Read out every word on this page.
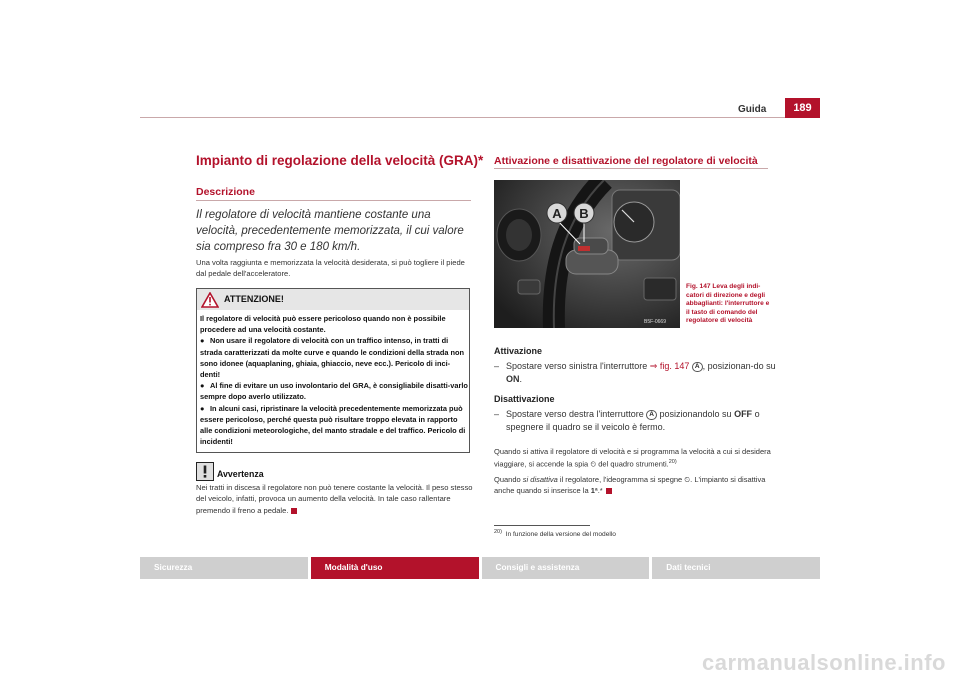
Guida	189
Impianto di regolazione della velocità (GRA)*
Descrizione
Il regolatore di velocità mantiene costante una velocità, precedentemente memorizzata, il cui valore sia compreso fra 30 e 180 km/h.
Una volta raggiunta e memorizzata la velocità desiderata, si può togliere il piede dal pedale dell'acceleratore.
ATTENZIONE!

Il regolatore di velocità può essere pericoloso quando non è possibile procedere ad una velocità costante.

● Non usare il regolatore di velocità con un traffico intenso, in tratti di strada caratterizzati da molte curve e quando le condizioni della strada non sono idonee (aquaplaning, ghiaia, ghiaccio, neve ecc.). Pericolo di inci-denti!

● Al fine di evitare un uso involontario del GRA, è consigliabile disatti-varlo sempre dopo averlo utilizzato.

● In alcuni casi, ripristinare la velocità precedentemente memorizzata può essere pericoloso, perché questa può risultare troppo elevata in rapporto alle condizioni meteorologiche, del manto stradale e del traffico. Pericolo di incidenti!

Avvertenza
Nei tratti in discesa il regolatore non può tenere costante la velocità. Il peso stesso del veicolo, infatti, provoca un aumento della velocità. In tale caso rallentare premendo il freno a pedale.
Attivazione e disattivazione del regolatore di velocità
A B
B5F-0669
Fig. 147 Leva degli indi-catori di direzione e degli abbaglianti: l'interruttore e il tasto di comando del regolatore di velocità
Attivazione
– Spostare verso sinistra l'interruttore ⇒ fig. 147 A , posizionan-do su ON.
Disattivazione
– Spostare verso destra l'interruttore A posizionandolo su OFF o spegnere il quadro se il veicolo è fermo.
Quando si attiva il regolatore di velocità e si programma la velocità a cui si desidera viaggiare, si accende la spia ⏲ del quadro strumenti.$^{20)}$
Quando si disattiva il regolatore, l'ideogramma si spegne ⏲. L'impianto si disattiva anche quando si inserisce la 1ª.*
$^{20)}$ In funzione della versione del modello
Sicurezza	Modalità d'uso	Consigli e assistenza	Dati tecnici
carmanualsonline.info
